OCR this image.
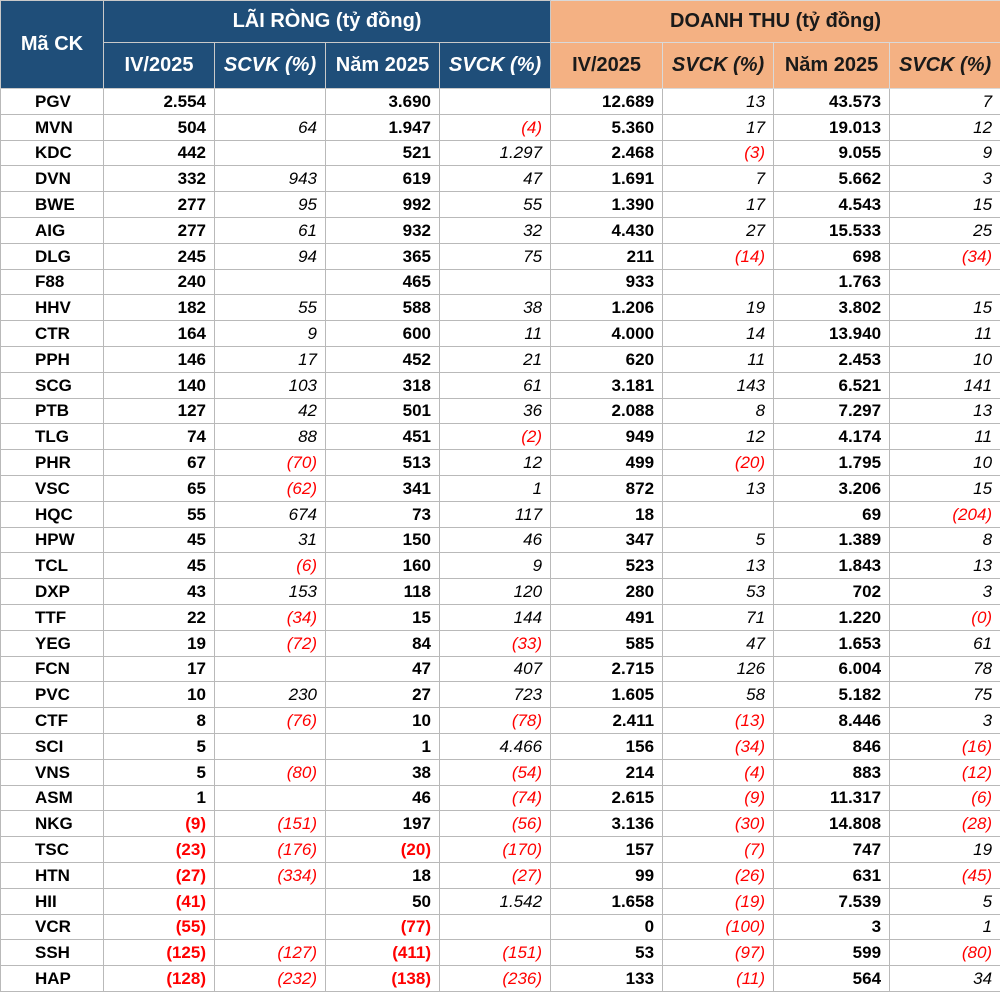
Mã CK	LÃI RÒNG (tỷ đồng)				DOANH THU (tỷ đồng)			
	IV/2025	SCVK (%)	Năm 2025	SVCK (%)	IV/2025	SVCK (%)	Năm 2025	SVCK (%)
PGV	2.554		3.690		12.689	13	43.573	7
MVN	504	64	1.947	(4)	5.360	17	19.013	12
KDC	442		521	1.297	2.468	(3)	9.055	9
DVN	332	943	619	47	1.691	7	5.662	3
BWE	277	95	992	55	1.390	17	4.543	15
AIG	277	61	932	32	4.430	27	15.533	25
DLG	245	94	365	75	211	(14)	698	(34)
F88	240		465		933		1.763	
HHV	182	55	588	38	1.206	19	3.802	15
CTR	164	9	600	11	4.000	14	13.940	11
PPH	146	17	452	21	620	11	2.453	10
SCG	140	103	318	61	3.181	143	6.521	141
PTB	127	42	501	36	2.088	8	7.297	13
TLG	74	88	451	(2)	949	12	4.174	11
PHR	67	(70)	513	12	499	(20)	1.795	10
VSC	65	(62)	341	1	872	13	3.206	15
HQC	55	674	73	117	18		69	(204)
HPW	45	31	150	46	347	5	1.389	8
TCL	45	(6)	160	9	523	13	1.843	13
DXP	43	153	118	120	280	53	702	3
TTF	22	(34)	15	144	491	71	1.220	(0)
YEG	19	(72)	84	(33)	585	47	1.653	61
FCN	17		47	407	2.715	126	6.004	78
PVC	10	230	27	723	1.605	58	5.182	75
CTF	8	(76)	10	(78)	2.411	(13)	8.446	3
SCI	5		1	4.466	156	(34)	846	(16)
VNS	5	(80)	38	(54)	214	(4)	883	(12)
ASM	1		46	(74)	2.615	(9)	11.317	(6)
NKG	(9)	(151)	197	(56)	3.136	(30)	14.808	(28)
TSC	(23)	(176)	(20)	(170)	157	(7)	747	19
HTN	(27)	(334)	18	(27)	99	(26)	631	(45)
HII	(41)		50	1.542	1.658	(19)	7.539	5
VCR	(55)		(77)		0	(100)	3	1
SSH	(125)	(127)	(411)	(151)	53	(97)	599	(80)
HAP	(128)	(232)	(138)	(236)	133	(11)	564	34
